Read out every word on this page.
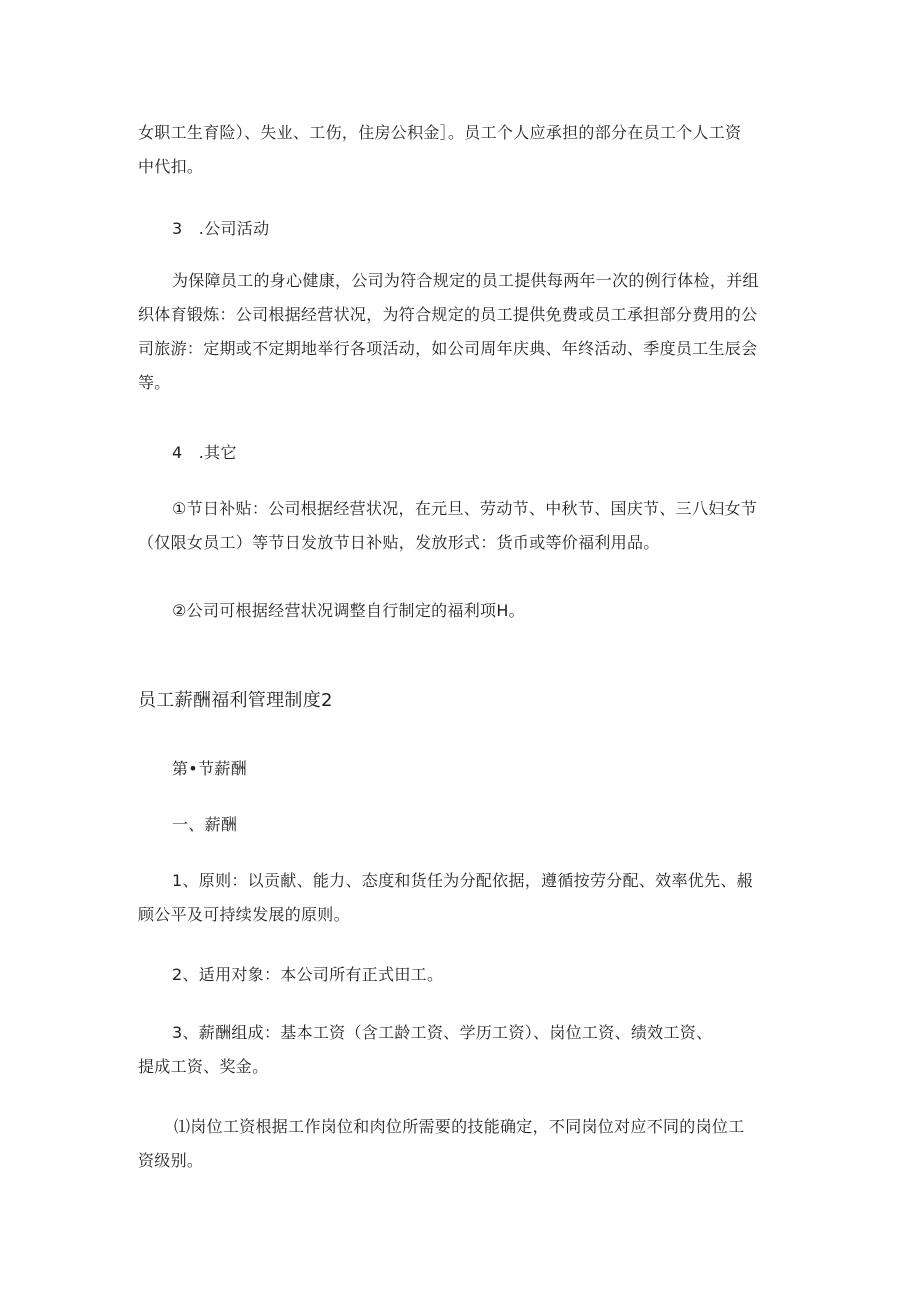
女职工生育险）、失业、工伤，住房公积金］。员工个人应承担的部分在员工个人工资
中代扣。
3　.公司活动
为保障员工的身心健康，公司为符合规定的员工提供每两年一次的例行体检，并组
织体育锻炼：公司根据经营状况，为符合规定的员工提供免费或员工承担部分费用的公
司旅游：定期或不定期地举行各项活动，如公司周年庆典、年终活动、季度员工生辰会
等。
4　.其它
①节日补贴：公司根据经营状况，在元旦、劳动节、中秋节、国庆节、三八妇女节
（仅限女员工）等节日发放节日补贴，发放形式：货币或等价福利用品。
②公司可根据经营状况调整自行制定的福利项H。
员工薪酬福利管理制度2
第•节薪酬
一、薪酬
1、原则：以贡献、能力、态度和货任为分配依据，遵循按劳分配、效率优先、赧
顾公平及可持续发展的原则。
2、适用对象：本公司所有正式田工。
3、薪酬组成：基本工资（含工龄工资、学历工资）、岗位工资、绩效工资、
提成工资、奖金。
⑴岗位工资根据工作岗位和肉位所需要的技能确定，不同岗位对应不同的岗位工
资级别。
